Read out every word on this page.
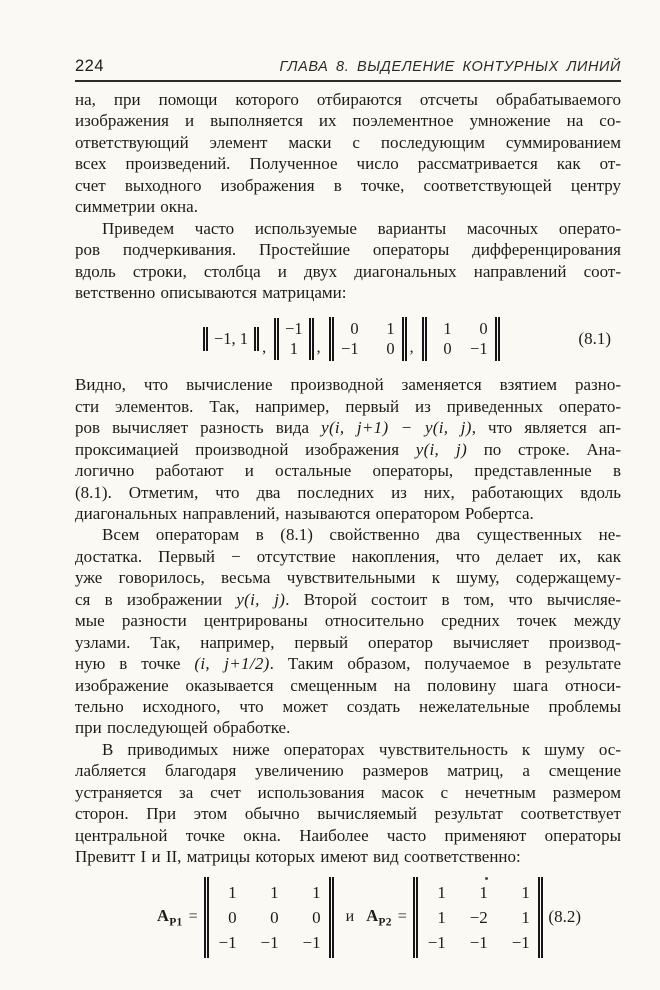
224	ГЛАВА 8. ВЫДЕЛЕНИЕ КОНТУРНЫХ ЛИНИЙ
на, при помощи которого отбираются отсчеты обрабатываемого
изображения и выполняется их поэлементное умножение на со-
ответствующий элемент маски с последующим суммированием
всех произведений. Полученное число рассматривается как от-
счет выходного изображения в точке, соответствующей центру
симметрии окна.
Приведем часто используемые варианты масочных операто-
ров подчеркивания. Простейшие операторы дифференцирования
вдоль строки, столбца и двух диагональных направлений соот-
ветственно описываются матрицами:
−1, 1 ,
−1
1 ,
0	1
−1	0 ,
1	0
0 −1
(8.1)
Видно, что вычисление производной заменяется взятием разно-
сти элементов. Так, например, первый из приведенных операто-
ров вычисляет разность вида y(i, j+1) − y(i, j), что является ап-
проксимацией производной изображения y(i, j) по строке. Ана-
логично работают и остальные операторы, представленные в
(8.1). Отметим, что два последних из них, работающих вдоль
диагональных направлений, называются оператором Робертса.
Всем операторам в (8.1) свойственно два существенных не-
достатка. Первый − отсутствие накопления, что делает их, как
уже говорилось, весьма чувствительными к шуму, содержащему-
ся в изображении y(i, j). Второй состоит в том, что вычисляе-
мые разности центрированы относительно средних точек между
узлами. Так, например, первый оператор вычисляет производ-
ную в точке (i, j+1/2). Таким образом, получаемое в результате
изображение оказывается смещенным на половину шага относи-
тельно исходного, что может создать нежелательные проблемы
при последующей обработке.
В приводимых ниже операторах чувствительность к шуму ос-
лабляется благодаря увеличению размеров матриц, а смещение
устраняется за счет использования масок с нечетным размером
сторон. При этом обычно вычисляемый результат соответствует
центральной точке окна. Наиболее часто применяют операторы
Превитт I и II, матрицы которых имеют вид соответственно:
$A_{P1}$ =
1	1	1
0	0	0
−1 −1 −1
и $A_{P2}$ =
1	1	1
1 −2	1
−1 −1 −1
(8.2)
